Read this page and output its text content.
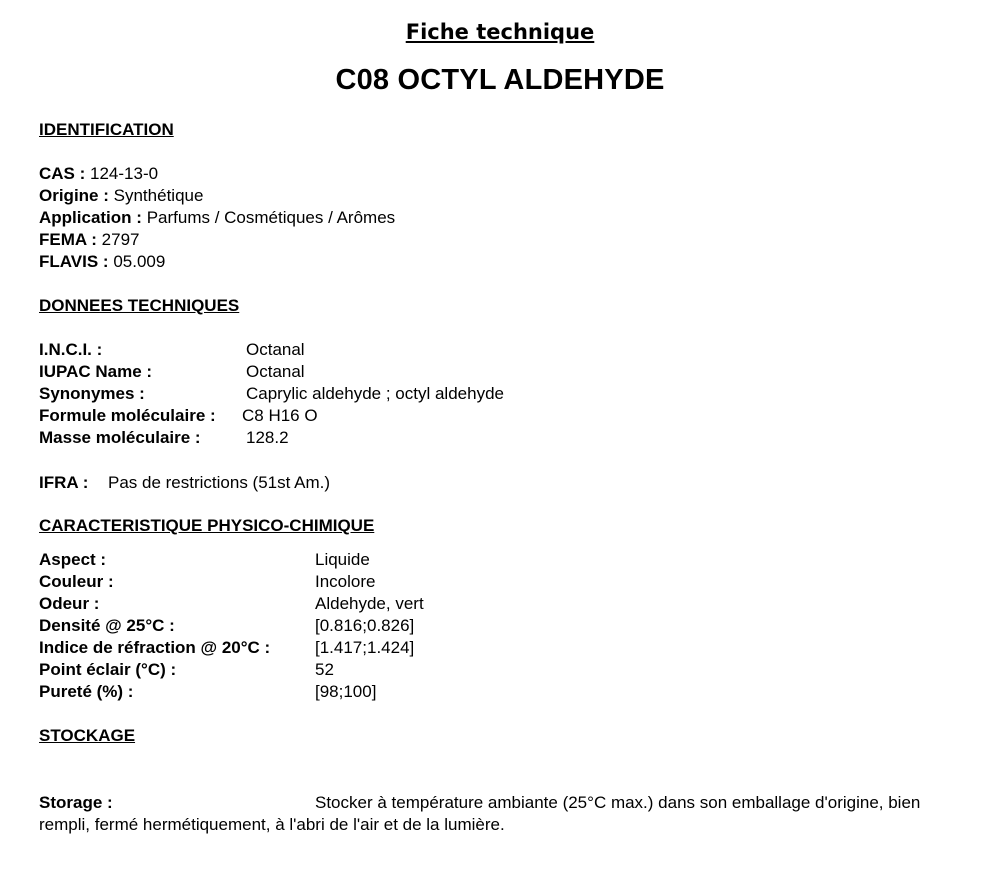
Fiche technique
C08 OCTYL ALDEHYDE
IDENTIFICATION
CAS : 124-13-0
Origine : Synthétique
Application : Parfums / Cosmétiques / Arômes
FEMA : 2797
FLAVIS : 05.009
DONNEES TECHNIQUES
I.N.C.I. :	Octanal
IUPAC Name :	Octanal
Synonymes :	Caprylic aldehyde ; octyl aldehyde
Formule moléculaire : C8 H16 O
Masse moléculaire :	128.2
IFRA : Pas de restrictions (51st Am.)
CARACTERISTIQUE PHYSICO-CHIMIQUE
Aspect :	Liquide
Couleur :	Incolore
Odeur :	Aldehyde, vert
Densité @ 25°C :	[0.816;0.826]
Indice de réfraction @ 20°C :	[1.417;1.424]
Point éclair (°C) :	52
Pureté (%) :	[98;100]
STOCKAGE
Storage :	Stocker à température ambiante (25°C max.) dans son emballage d'origine, bien rempli, fermé hermétiquement, à l'abri de l'air et de la lumière.
